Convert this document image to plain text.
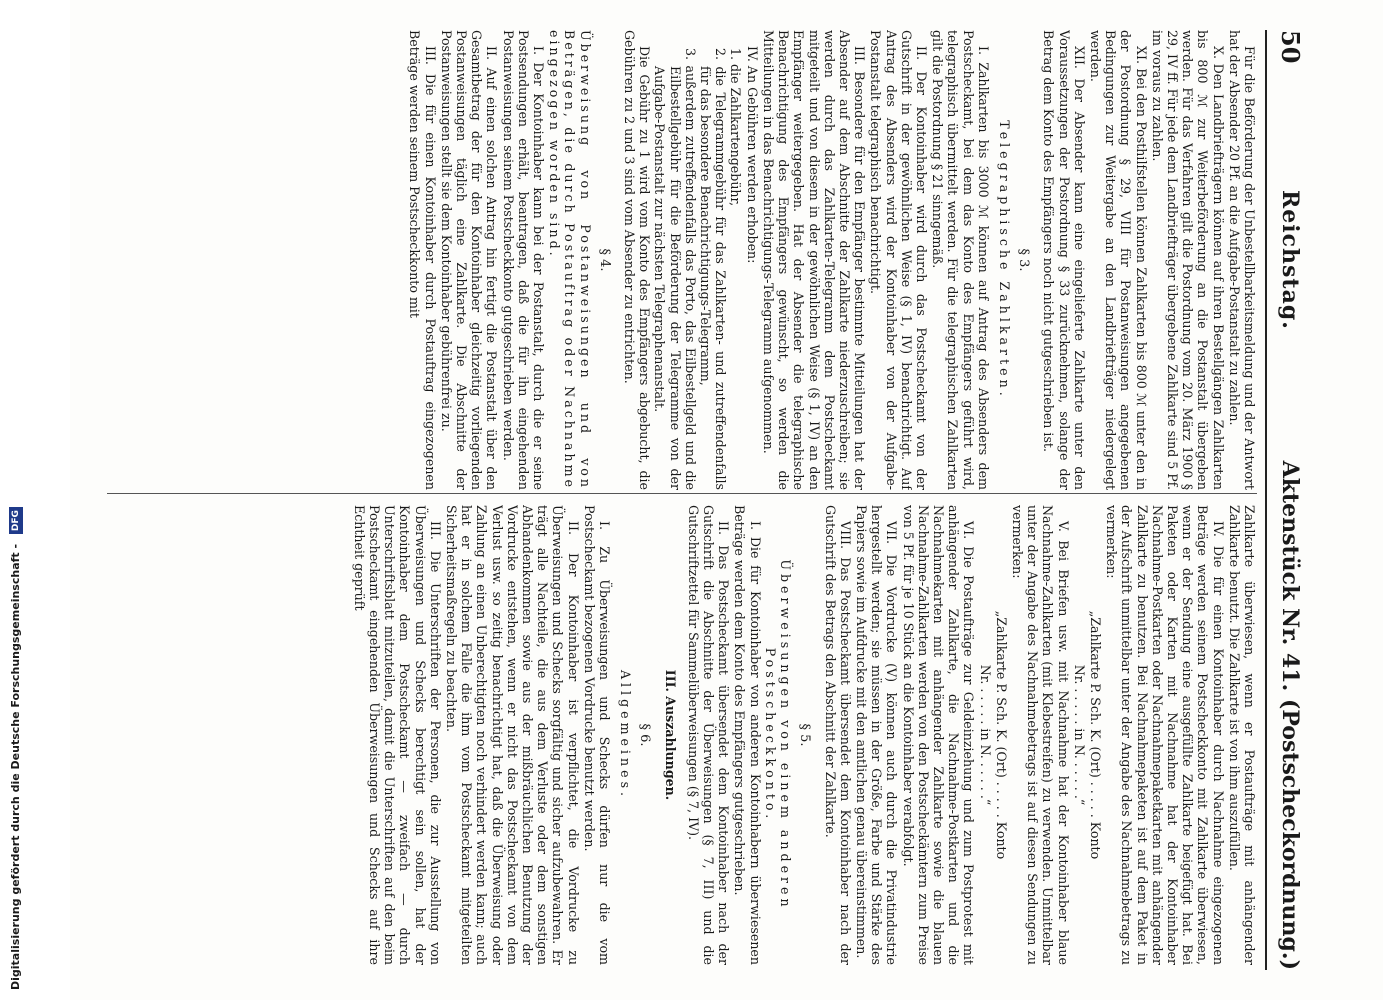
Digitalisierung gefördert durch die Deutsche Forschungsgemeinschaft - DFG
50
Reichstag.
Aktenstück Nr. 41. (Postscheckordnung.)

Für die Beförderung der Unbestellbarkeitsmeldung und der Antwort hat der Absender 20 Pf. an die Aufgabe-Postanstalt zu zahlen.

X. Den Landbriefträgern können auf ihren Bestellgängen Zahlkarten bis 800 ℳ zur Weiterbeförderung an die Postanstalt übergeben werden. Für das Verfahren gilt die Postordnung vom 20. März 1900 § 29, IV ff. Für jede dem Landbriefträger übergebene Zahlkarte sind 5 Pf. im voraus zu zahlen.

XI. Bei den Posthilfstellen können Zahlkarten bis 800 ℳ unter den in der Postordnung § 29, VIII für Postanweisungen angegebenen Bedingungen zur Weitergabe an den Landbriefträger niedergelegt werden.

XII. Der Absender kann eine eingelieferte Zahlkarte unter den Voraussetzungen der Postordnung § 33 zurücknehmen, solange der Betrag dem Konto des Empfängers noch nicht gutgeschrieben ist.

§ 3.

Telegraphische Zahlkarten.

I. Zahlkarten bis 3000 ℳ können auf Antrag des Absenders dem Postscheckamt, bei dem das Konto des Empfängers geführt wird, telegraphisch übermittelt werden. Für die telegraphischen Zahlkarten gilt die Postordnung § 21 sinngemäß.

II. Der Kontoinhaber wird durch das Postscheckamt von der Gutschrift in der gewöhnlichen Weise (§ 1, IV) benachrichtigt. Auf Antrag des Absenders wird der Kontoinhaber von der Aufgabe-Postanstalt telegraphisch benachrichtigt.

III. Besondere für den Empfänger bestimmte Mitteilungen hat der Absender auf dem Abschnitte der Zahlkarte niederzuschreiben; sie werden durch das Zahlkarten-Telegramm dem Postscheckamt mitgeteilt und von diesem in der gewöhnlichen Weise (§ 1, IV) an den Empfänger weitergegeben. Hat der Absender die telegraphische Benachrichtigung des Empfängers gewünscht, so werden die Mitteilungen in das Benachrichtigungs-Telegramm aufgenommen.

IV. An Gebühren werden erhoben:

1. die Zahlkartengebühr,

2. die Telegrammgebühr für das Zahlkarten- und zutreffendenfalls für das besondere Benachrichtigungs-Telegramm,

3. außerdem zutreffendenfalls das Porto, das Eilbestellgeld und die Eilbestellgebühr für die Beförderung der Telegramme von der Aufgabe-Postanstalt zur nächsten Telegraphenanstalt.

Die Gebühr zu 1 wird vom Konto des Empfängers abgebucht, die Gebühren zu 2 und 3 sind vom Absender zu entrichten.

§ 4.

Überweisung von Postanweisungen und von Beträgen, die durch Postauftrag oder Nachnahme eingezogen worden sind.

I. Der Kontoinhaber kann bei der Postanstalt, durch die er seine Postsendungen erhält, beantragen, daß die für ihn eingehenden Postanweisungen seinem Postscheckkonto gutgeschrieben werden.

II. Auf einen solchen Antrag hin fertigt die Postanstalt über den Gesamtbetrag der für den Kontoinhaber gleichzeitig vorliegenden Postanweisungen täglich eine Zahlkarte. Die Abschnitte der Postanweisungen stellt sie dem Kontoinhaber gebührenfrei zu.

III. Die für einen Kontoinhaber durch Postauftrag eingezogenen Beträge werden seinem Postscheckkonto mit

Zahlkarte überwiesen, wenn er Postaufträge mit anhängender Zahlkarte benutzt. Die Zahlkarte ist von ihm auszufüllen.

IV. Die für einen Kontoinhaber durch Nachnahme eingezogenen Beträge werden seinem Postscheckkonto mit Zahlkarte überwiesen, wenn er der Sendung eine ausgefüllte Zahlkarte beigefügt hat. Bei Paketen oder Karten mit Nachnahme hat der Kontoinhaber Nachnahme-Postkarten oder Nachnahmepaketkarten mit anhängender Zahlkarte zu benutzen. Bei Nachnahmepaketen ist auf dem Paket in der Aufschrift unmittelbar unter der Angabe des Nachnahmebetrags zu vermerken:

„Zahlkarte P. Sch. K. (Ort) . . . . . Konto

Nr. . . . . . in N. . . . . .“

V. Bei Briefen usw. mit Nachnahme hat der Kontoinhaber blaue Nachnahme-Zahlkarten (mit Klebestreifen) zu verwenden. Unmittelbar unter der Angabe des Nachnahmebetrags ist auf diesen Sendungen zu vermerken:

„Zahlkarte P. Sch. K. (Ort) . . . . . Konto

Nr. . . . . . in N. . . . . .“

VI. Die Postaufträge zur Geldeinziehung und zum Postprotest mit anhängender Zahlkarte, die Nachnahme-Postkarten und die Nachnahmekarten mit anhängender Zahlkarte sowie die blauen Nachnahme-Zahlkarten werden von den Postscheckämtern zum Preise von 5 Pf. für je 10 Stück an die Kontoinhaber verabfolgt.

VII. Die Vordrucke (V) können auch durch die Privatindustrie hergestellt werden; sie müssen in der Größe, Farbe und Stärke des Papiers sowie im Aufdrucke mit den amtlichen genau übereinstimmen.

VIII. Das Postscheckamt übersendet dem Kontoinhaber nach der Gutschrift des Betrags den Abschnitt der Zahlkarte.

§ 5.

Überweisungen von einem anderen

Postscheckkonto.

I. Die für Kontoinhaber von anderen Kontoinhabern überwiesenen Beträge werden dem Konto des Empfängers gutgeschrieben.

II. Das Postscheckamt übersendet dem Kontoinhaber nach der Gutschrift die Abschnitte der Überweisungen (§ 7, III) und die Gutschriftzettel für Sammelüberweisungen (§ 7, IV).

III. Auszahlungen.

§ 6.

Allgemeines.

I. Zu Überweisungen und Schecks dürfen nur die vom Postscheckamt bezogenen Vordrucke benutzt werden.

II. Der Kontoinhaber ist verpflichtet, die Vordrucke zu Überweisungen und Schecks sorgfältig und sicher aufzubewahren. Er trägt alle Nachteile, die aus dem Verluste oder dem sonstigen Abhandenkommen sowie aus der mißbräuchlichen Benutzung der Vordrucke entstehen, wenn er nicht das Postscheckamt von dem Verlust usw. so zeitig benachrichtigt hat, daß die Überweisung oder Zahlung an einen Unberechtigten noch verhindert werden kann; auch hat er in solchem Falle die ihm vom Postscheckamt mitgeteilten Sicherheitsmaßregeln zu beachten.

III. Die Unterschriften der Personen, die zur Ausstellung von Überweisungen und Schecks berechtigt sein sollen, hat der Kontoinhaber dem Postscheckamt — zweifach — durch Unterschriftsblatt mitzuteilen, damit die Unterschriften auf den beim Postscheckamt eingehenden Überweisungen und Schecks auf ihre Echtheit geprüft
